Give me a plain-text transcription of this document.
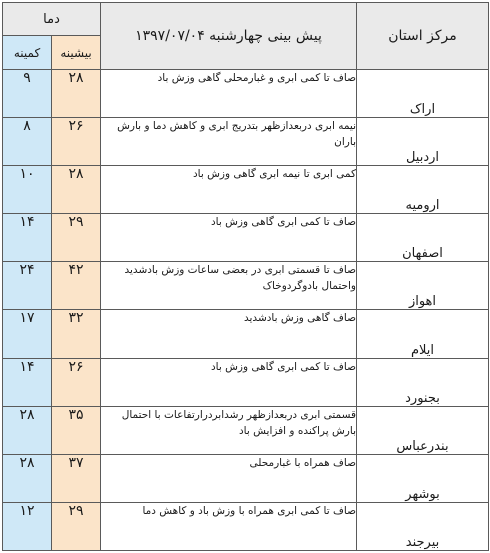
مرکز استان	پیش بینی چهارشنبه ۱۳۹۷/۰۷/۰۴	دما	
		بیشینه	کمینه
اراک	صاف تا کمی ابری و غبارمحلی گاهی وزش باد	۲۸	۹
اردبیل	نیمه ابری دربعدازظهر بتدریج ابری و کاهش دما و بارش باران	۲۶	۸
ارومیه	کمی ابری تا نیمه ابری گاهی وزش باد	۲۸	۱۰
اصفهان	صاف تا کمی ابری گاهی وزش باد	۲۹	۱۴
اهواز	صاف تا قسمتی ابری در بعضی ساعات وزش بادشدید واحتمال بادوگردوخاک	۴۲	۲۴
ایلام	صاف گاهی وزش بادشدید	۳۲	۱۷
بجنورد	صاف تا کمی ابری گاهی وزش باد	۲۶	۱۴
بندرعباس	قسمتی ابری دربعدازظهر رشدابردرارتفاعات با احتمال بارش پراکنده و افزایش باد	۳۵	۲۸
بوشهر	صاف همراه با غبارمحلی	۳۷	۲۸
بیرجند	صاف تا کمی ابری همراه با وزش باد و کاهش دما	۲۹	۱۲
